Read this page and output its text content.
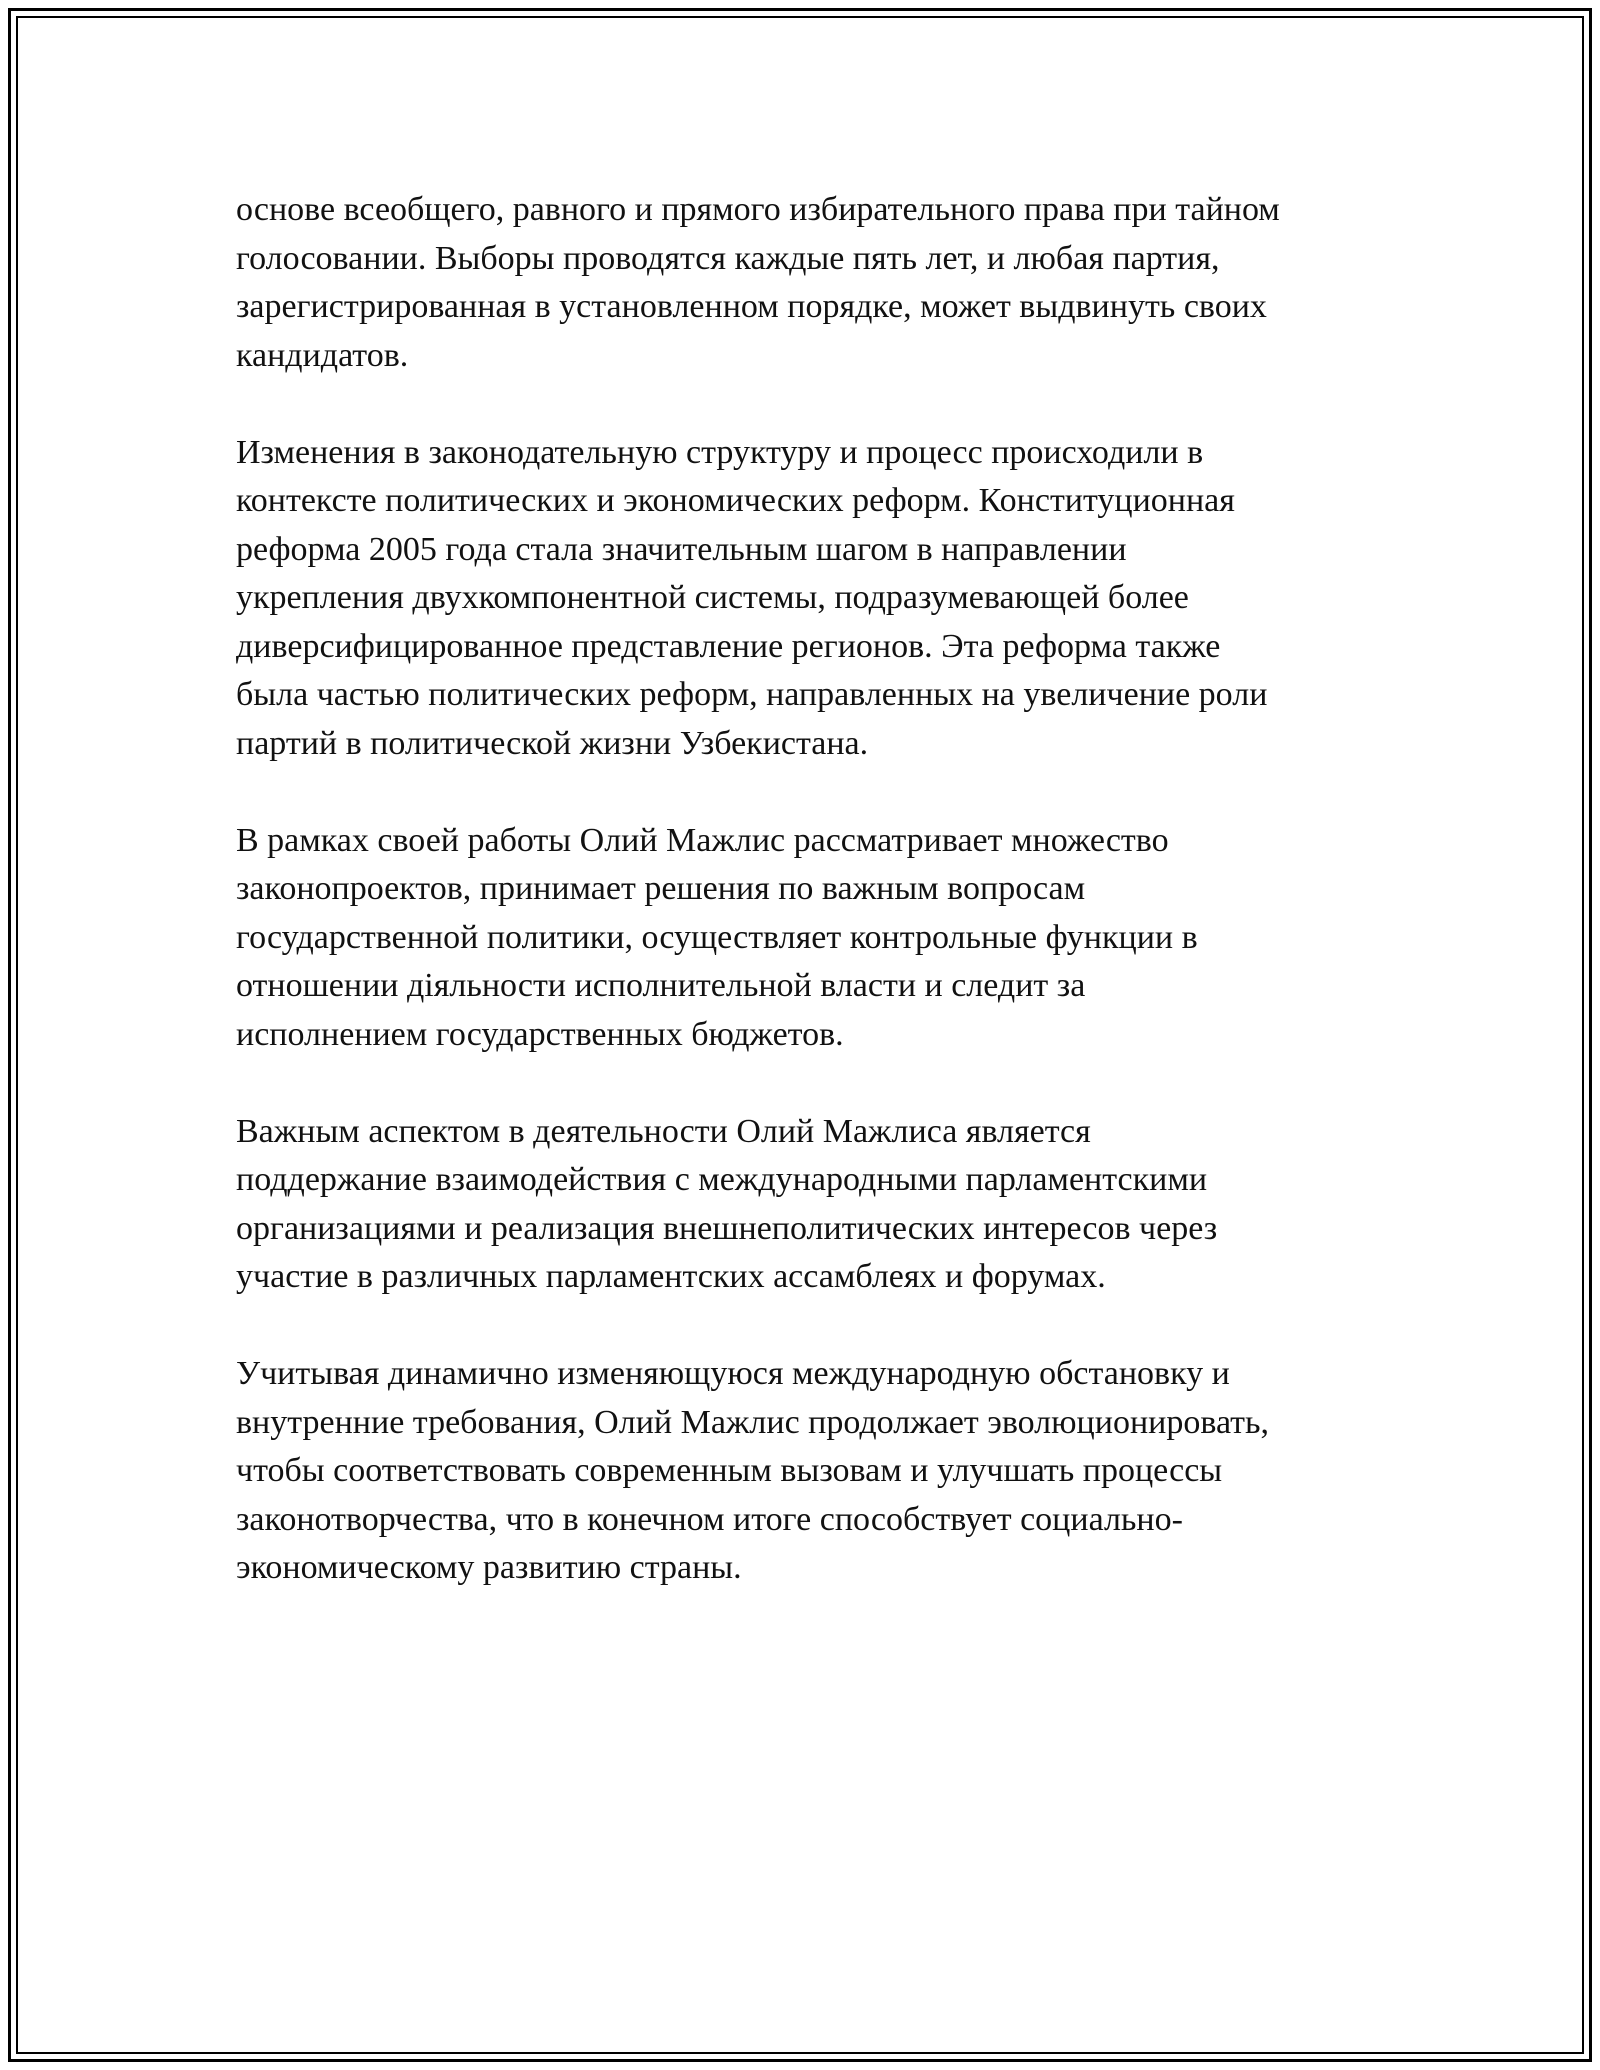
основе всеобщего, равного и прямого избирательного права при тайном
голосовании. Выборы проводятся каждые пять лет, и любая партия,
зарегистрированная в установленном порядке, может выдвинуть своих
кандидатов.

Изменения в законодательную структуру и процесс происходили в
контексте политических и экономических реформ. Конституционная
реформа 2005 года стала значительным шагом в направлении
укрепления двухкомпонентной системы, подразумевающей более
диверсифицированное представление регионов. Эта реформа также
была частью политических реформ, направленных на увеличение роли
партий в политической жизни Узбекистана.

В рамках своей работы Олий Мажлис рассматривает множество
законопроектов, принимает решения по важным вопросам
государственной политики, осуществляет контрольные функции в
отношении діяльности исполнительной власти и следит за
исполнением государственных бюджетов.

Важным аспектом в деятельности Олий Мажлиса является
поддержание взаимодействия с международными парламентскими
организациями и реализация внешнеполитических интересов через
участие в различных парламентских ассамблеях и форумах.

Учитывая динамично изменяющуюся международную обстановку и
внутренние требования, Олий Мажлис продолжает эволюционировать,
чтобы соответствовать современным вызовам и улучшать процессы
законотворчества, что в конечном итоге способствует социально-
экономическому развитию страны.
